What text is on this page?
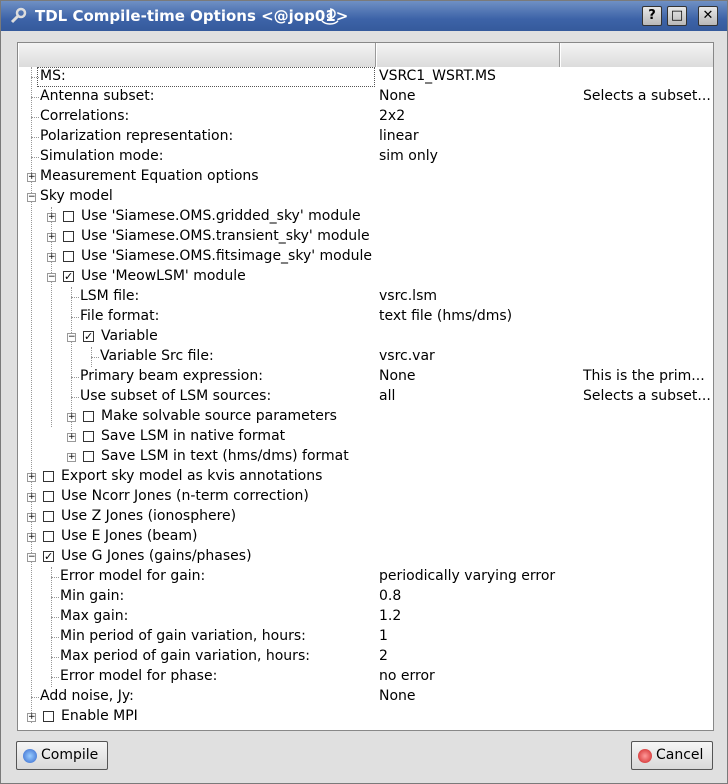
TDL Compile-time Options <@jop01>	?	□	✕
MS:	VSRC1_WSRT.MS
Antenna subset:	None	Selects a subset...
Correlations:	2x2
Polarization representation:	linear
Simulation mode:	sim only
+ Measurement Equation options
− Sky model
+ Use 'Siamese.OMS.gridded_sky' module
+ Use 'Siamese.OMS.transient_sky' module
+ Use 'Siamese.OMS.fitsimage_sky' module
− ✓ Use 'MeowLSM' module
LSM file:	vsrc.lsm
File format:	text file (hms/dms)
− ✓ Variable
Variable Src file:	vsrc.var
Primary beam expression:	None	This is the prim...
Use subset of LSM sources:	all	Selects a subset...
+ Make solvable source parameters
+ Save LSM in native format
+ Save LSM in text (hms/dms) format
+ Export sky model as kvis annotations
+ Use Ncorr Jones (n-term correction)
+ Use Z Jones (ionosphere)
+ Use E Jones (beam)
− ✓ Use G Jones (gains/phases)
Error model for gain:	periodically varying error
Min gain:	0.8
Max gain:	1.2
Min period of gain variation, hours:	1
Max period of gain variation, hours:	2
Error model for phase:	no error
Add noise, Jy:	None
+ Enable MPI
Compile	Cancel
